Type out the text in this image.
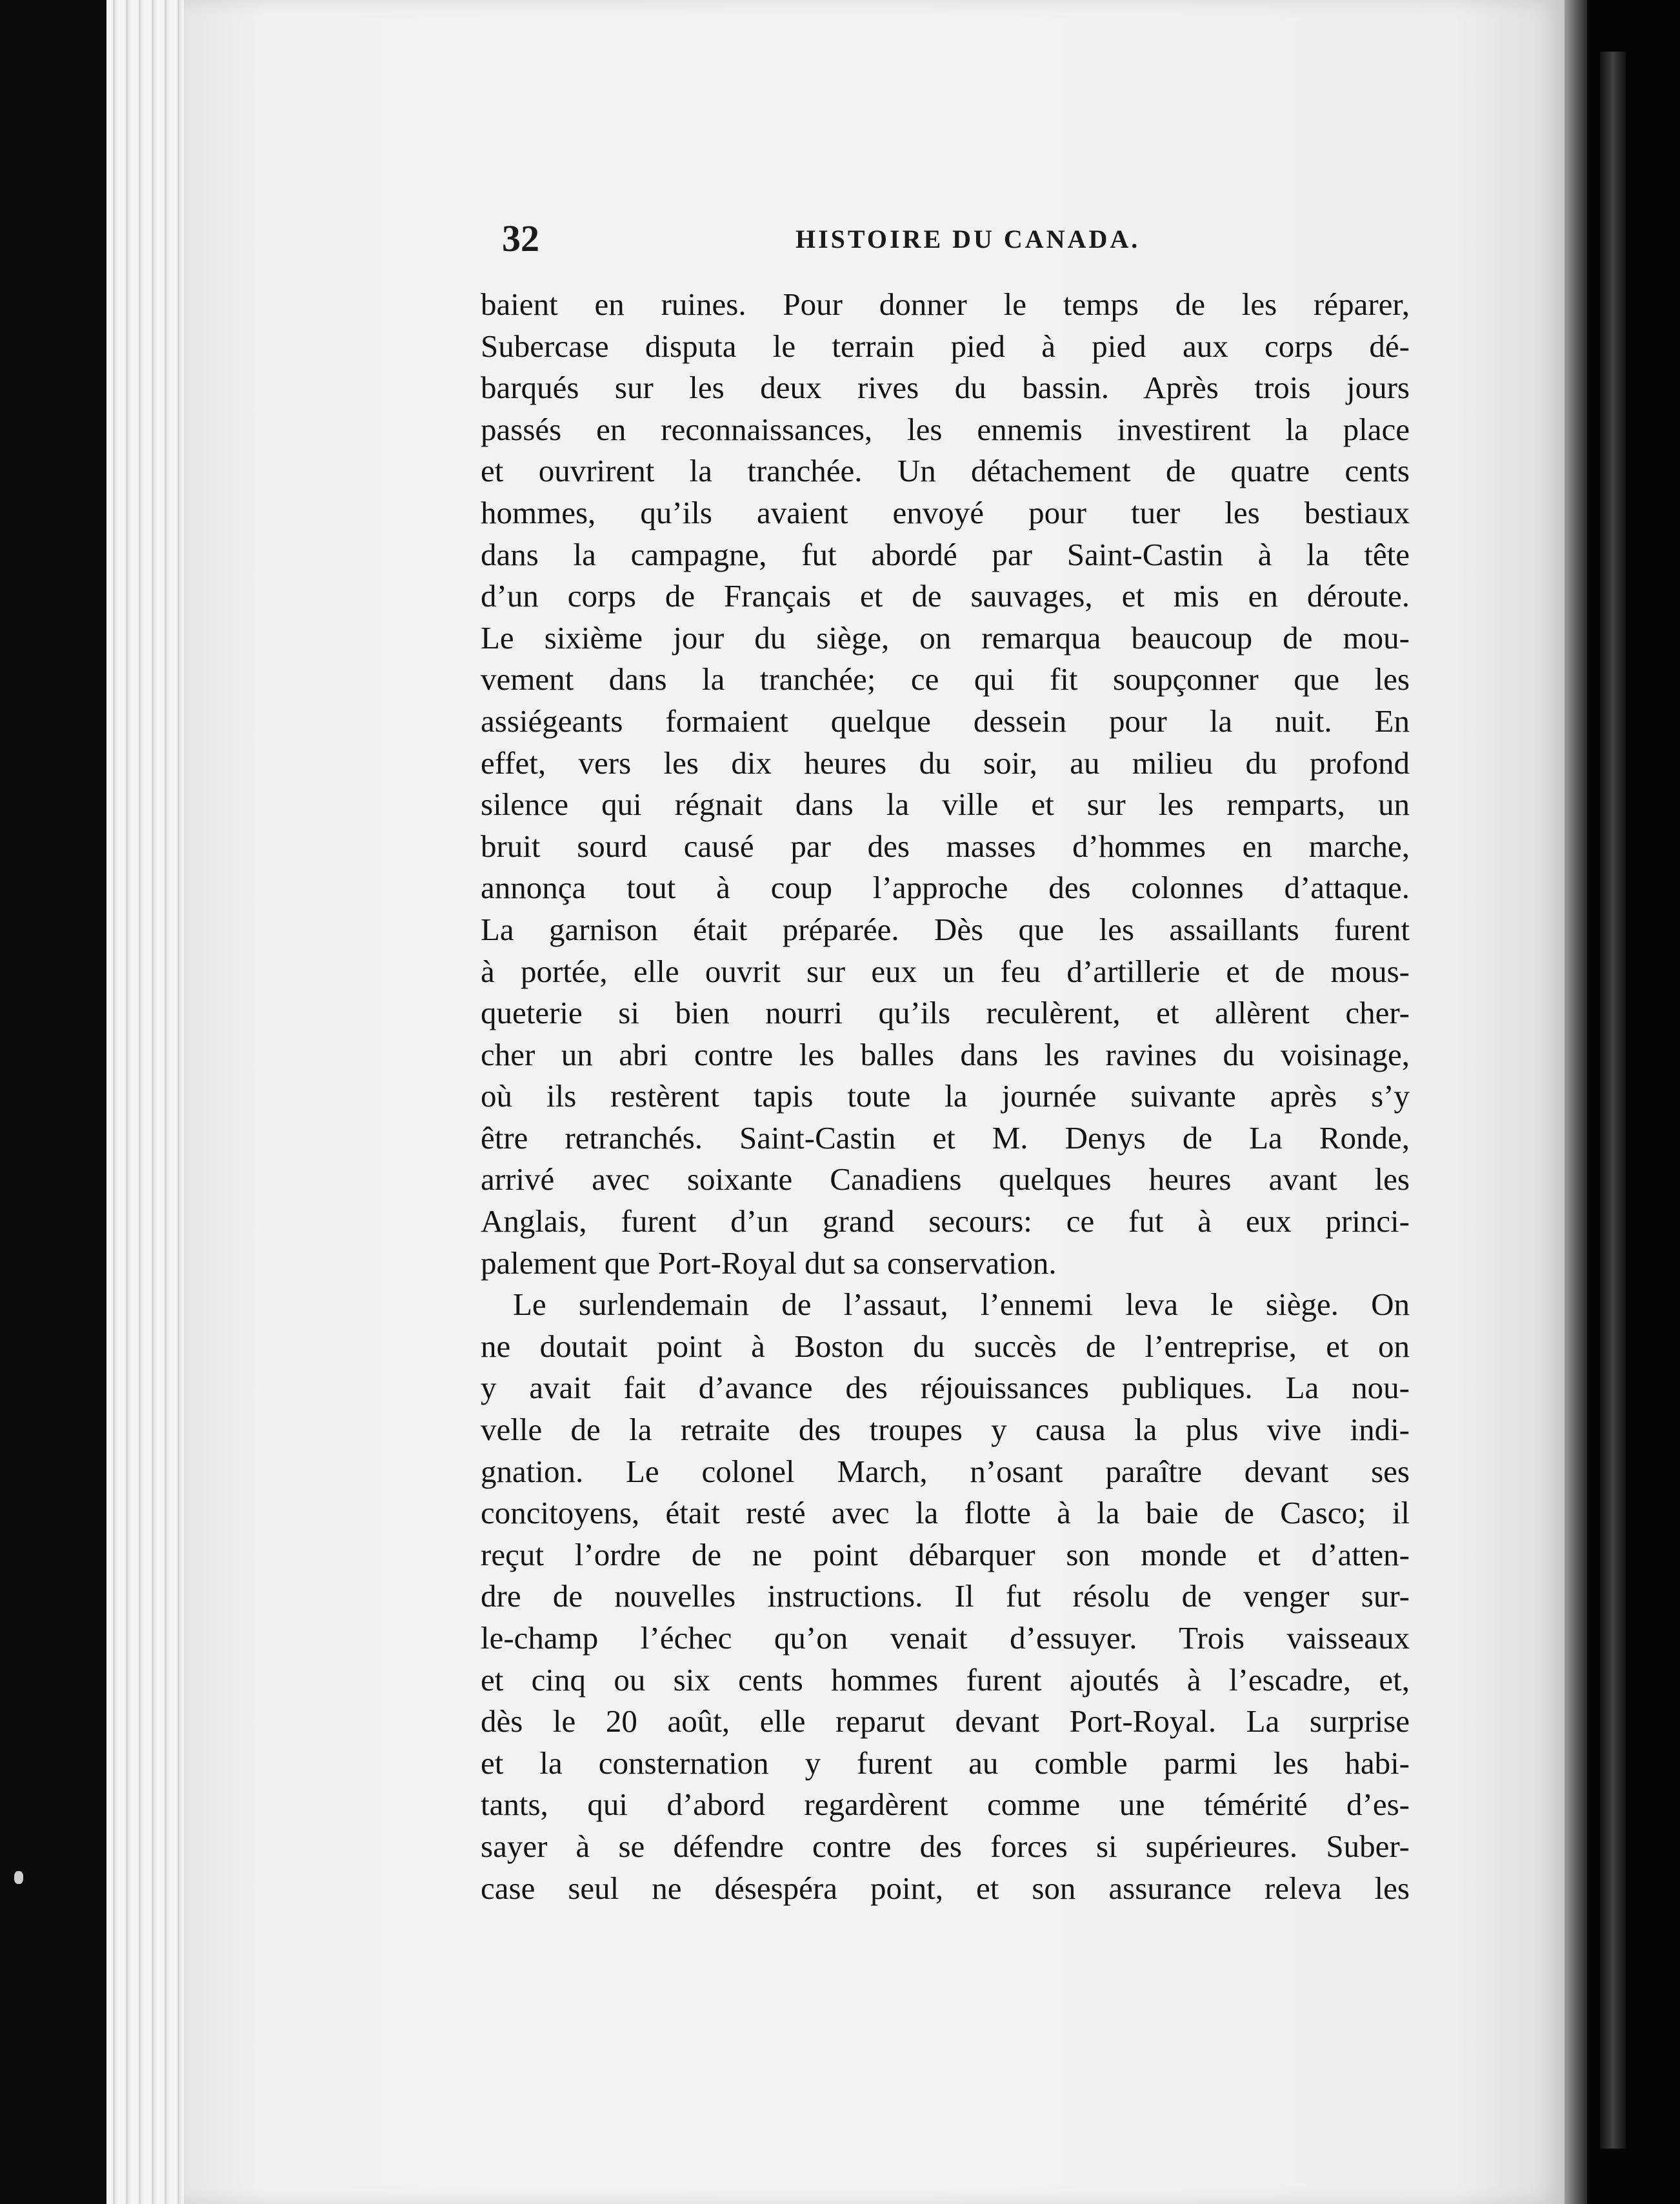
32	HISTOIRE DU CANADA.
baient en ruines. Pour donner le temps de les réparer,
Subercase disputa le terrain pied à pied aux corps dé-
barqués sur les deux rives du bassin. Après trois jours
passés en reconnaissances, les ennemis investirent la place
et ouvrirent la tranchée. Un détachement de quatre cents
hommes, qu’ils avaient envoyé pour tuer les bestiaux
dans la campagne, fut abordé par Saint-Castin à la tête
d’un corps de Français et de sauvages, et mis en déroute.
Le sixième jour du siège, on remarqua beaucoup de mou-
vement dans la tranchée; ce qui fit soupçonner que les
assiégeants formaient quelque dessein pour la nuit. En
effet, vers les dix heures du soir, au milieu du profond
silence qui régnait dans la ville et sur les remparts, un
bruit sourd causé par des masses d’hommes en marche,
annonça tout à coup l’approche des colonnes d’attaque.
La garnison était préparée. Dès que les assaillants furent
à portée, elle ouvrit sur eux un feu d’artillerie et de mous-
queterie si bien nourri qu’ils reculèrent, et allèrent cher-
cher un abri contre les balles dans les ravines du voisinage,
où ils restèrent tapis toute la journée suivante après s’y
être retranchés. Saint-Castin et M. Denys de La Ronde,
arrivé avec soixante Canadiens quelques heures avant les
Anglais, furent d’un grand secours: ce fut à eux princi-
palement que Port-Royal dut sa conservation.
Le surlendemain de l’assaut, l’ennemi leva le siège. On
ne doutait point à Boston du succès de l’entreprise, et on
y avait fait d’avance des réjouissances publiques. La nou-
velle de la retraite des troupes y causa la plus vive indi-
gnation. Le colonel March, n’osant paraître devant ses
concitoyens, était resté avec la flotte à la baie de Casco; il
reçut l’ordre de ne point débarquer son monde et d’atten-
dre de nouvelles instructions. Il fut résolu de venger sur-
le-champ l’échec qu’on venait d’essuyer. Trois vaisseaux
et cinq ou six cents hommes furent ajoutés à l’escadre, et,
dès le 20 août, elle reparut devant Port-Royal. La surprise
et la consternation y furent au comble parmi les habi-
tants, qui d’abord regardèrent comme une témérité d’es-
sayer à se défendre contre des forces si supérieures. Suber-
case seul ne désespéra point, et son assurance releva les
